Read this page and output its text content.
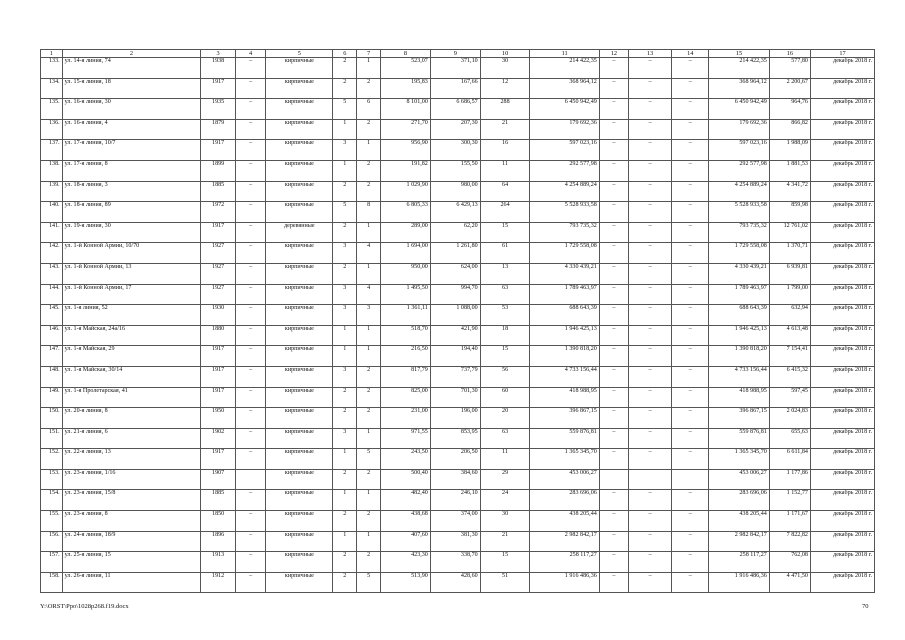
1	2	3	4	5	6	7	8	9	10	11	12	13	14	15	16	17
133.	ул. 14-я линия, 74	1938	–	кирпичные	2	1	523,07	371,10	30	214 422,35	–	–	–	214 422,35	577,80	декабрь 2018 г.
134.	ул. 15-я линия, 18	1917	–	кирпичные	2	2	195,83	167,66	12	368 964,12	–	–	–	368 964,12	2 200,67	декабрь 2018 г.
135.	ул. 16-я линия, 30	1935	–	кирпичные	5	6	8 101,00	6 686,57	288	6 450 942,49	–	–	–	6 450 942,49	964,76	декабрь 2018 г.
136.	ул. 16-я линия, 4	1879	–	кирпичные	1	2	271,70	207,30	21	179 692,36	–	–	–	179 692,36	866,82	декабрь 2018 г.
137.	ул. 17-я линия, 10/7	1917	–	кирпичные	3	1	956,90	300,30	16	597 023,16	–	–	–	597 023,16	1 988,09	декабрь 2018 г.
138.	ул. 17-я линия, 8	1899	–	кирпичные	1	2	191,82	155,50	11	292 577,98	–	–	–	292 577,98	1 881,53	декабрь 2018 г.
139.	ул. 18-я линия, 3	1885	–	кирпичные	2	2	1 029,90	980,00	64	4 254 889,24	–	–	–	4 254 889,24	4 341,72	декабрь 2018 г.
140.	ул. 18-я линия, 89	1972	–	кирпичные	5	8	6 805,33	6 429,13	264	5 528 933,58	–	–	–	5 528 933,58	859,98	декабрь 2018 г.
141.	ул. 19-я линия, 30	1917	–	деревянные	2	1	289,00	62,20	15	793 735,32	–	–	–	793 735,32	12 761,02	декабрь 2018 г.
142.	ул. 1-й Конной Армии, 10/70	1927	–	кирпичные	3	4	1 694,00	1 261,80	61	1 729 558,08	–	–	–	1 729 558,08	1 370,71	декабрь 2018 г.
143.	ул. 1-й Конной Армии, 13	1927	–	кирпичные	2	1	950,00	624,00	13	4 330 439,21	–	–	–	4 330 439,21	6 939,81	декабрь 2018 г.
144.	ул. 1-й Конной Армии, 17	1927	–	кирпичные	3	4	1 495,50	994,70	63	1 789 463,97	–	–	–	1 789 463,97	1 799,00	декабрь 2018 г.
145.	ул. 1-я линия, 52	1930	–	кирпичные	3	3	1 361,11	1 088,00	53	688 643,39	–	–	–	688 643,39	632,94	декабрь 2018 г.
146.	ул. 1-я Майская, 24а/16	1880	–	кирпичные	1	1	518,70	421,90	18	1 946 425,13	–	–	–	1 946 425,13	4 613,48	декабрь 2018 г.
147.	ул. 1-я Майская, 29	1917	–	кирпичные	1	1	216,50	194,40	15	1 390 818,20	–	–	–	1 390 818,20	7 154,41	декабрь 2018 г.
148.	ул. 1-я Майская, 30/14	1917	–	кирпичные	3	2	817,79	737,79	56	4 733 156,44	–	–	–	4 733 156,44	6 415,32	декабрь 2018 г.
149.	ул. 1-я Пролетарская, 41	1917	–	кирпичные	2	2	825,00	701,30	60	418 988,95	–	–	–	418 988,95	597,45	декабрь 2018 г.
150.	ул. 20-я линия, 8	1950	–	кирпичные	2	2	231,00	196,00	20	396 867,15	–	–	–	396 867,15	2 024,83	декабрь 2018 г.
151.	ул. 21-я линия, 6	1902	–	кирпичные	3	1	971,55	853,95	63	559 876,81	–	–	–	559 876,81	655,63	декабрь 2018 г.
152.	ул. 22-я линия, 13	1917	–	кирпичные	1	5	243,50	206,50	11	1 365 345,70	–	–	–	1 365 345,70	6 611,84	декабрь 2018 г.
153.	ул. 23-я линия, 1/16	1907		кирпичные	2	2	500,40	384,60	29	453 006,27				453 006,27	1 177,86	декабрь 2018 г.
154.	ул. 23-я линия, 15/8	1885	–	кирпичные	1	1	482,40	246,10	24	283 696,06	–	–	–	283 696,06	1 152,77	декабрь 2018 г.
155.	ул. 23-я линия, 8	1850	–	кирпичные	2	2	438,68	374,00	30	438 205,44	–	–	–	438 205,44	1 171,67	декабрь 2018 г.
156.	ул. 24-я линия, 18/9	1896	–	кирпичные	1	1	407,60	381,30	21	2 982 842,17	–	–	–	2 982 842,17	7 822,82	декабрь 2018 г.
157.	ул. 25-я линия, 15	1913	–	кирпичные	2	2	423,30	338,70	15	258 117,27	–	–	–	258 117,27	762,08	декабрь 2018 г.
158.	ул. 26-я линия, 11	1912	–	кирпичные	2	5	513,90	428,60	51	1 916 486,36	–	–	–	1 916 486,36	4 471,50	декабрь 2018 г.
Y:\ORST\Ppo\1028p268.f19.docx	70
